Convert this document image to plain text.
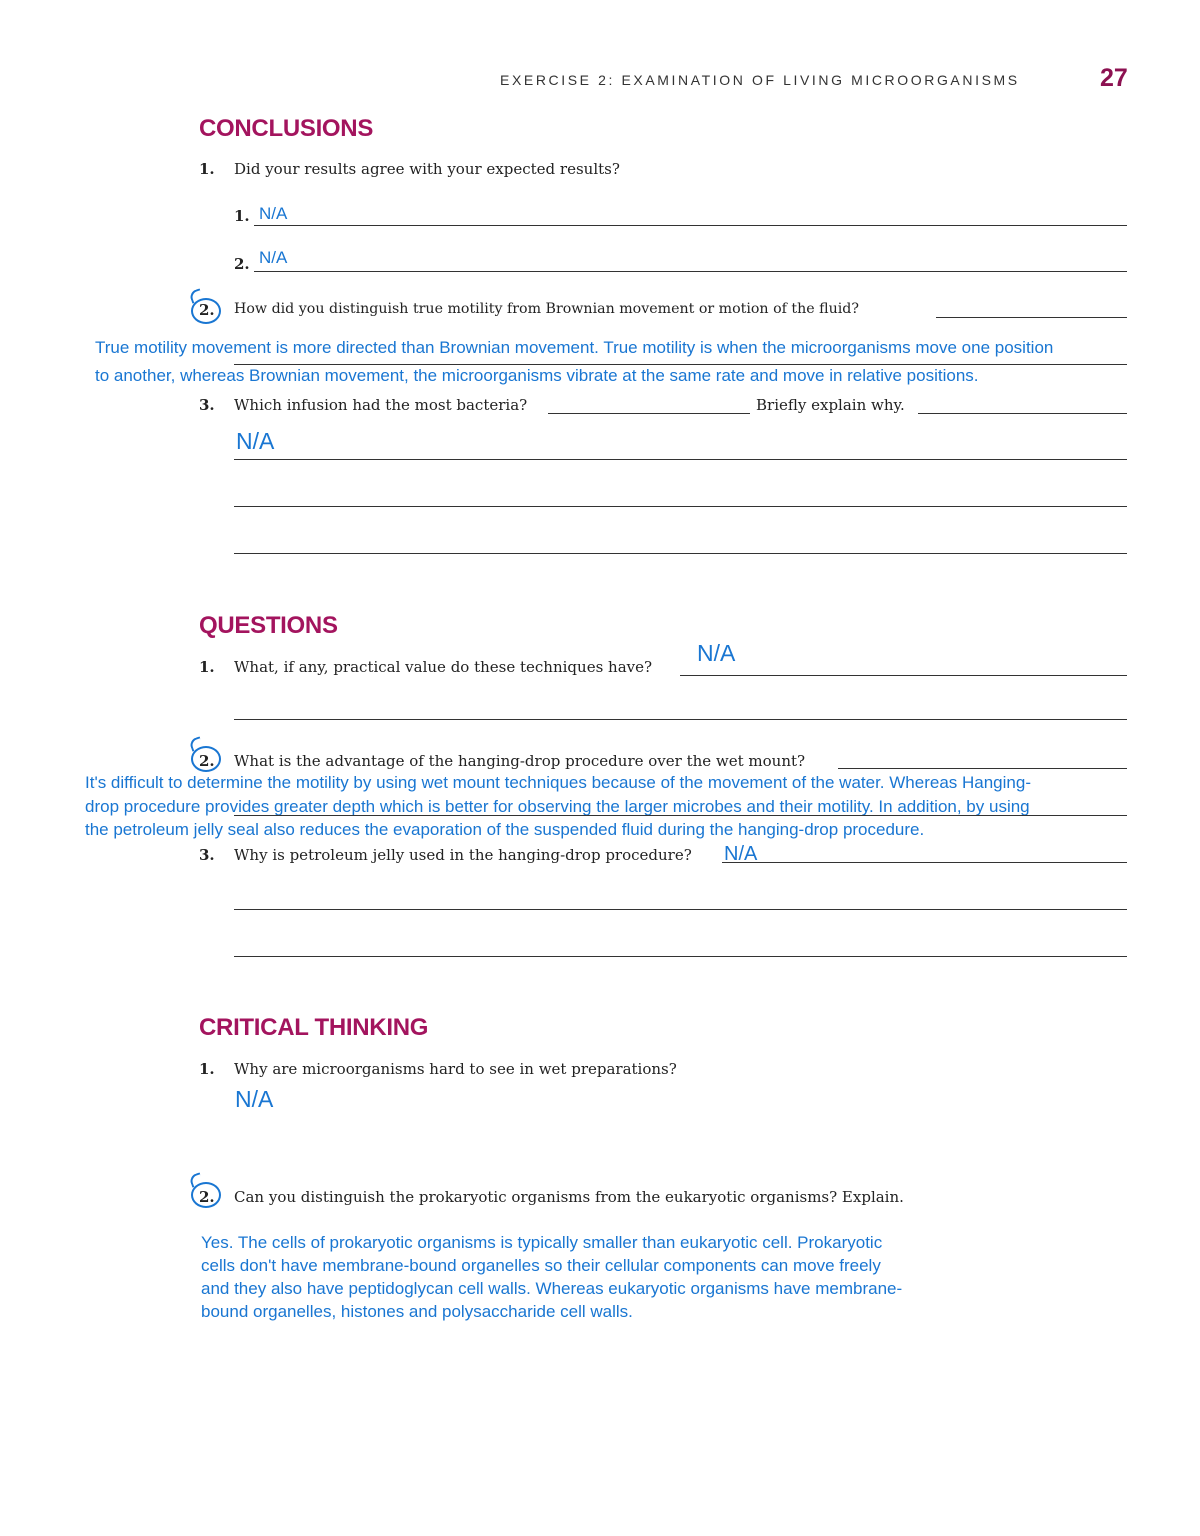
EXERCISE 2: EXAMINATION OF LIVING MICROORGANISMS	27
CONCLUSIONS
1. Did your results agree with your expected results?
1. N/A
2. N/A
2. How did you distinguish true motility from Brownian movement or motion of the fluid?
True motility movement is more directed than Brownian movement. True motility is when the microorganisms move one position
to another, whereas Brownian movement, the microorganisms vibrate at the same rate and move in relative positions.
3. Which infusion had the most bacteria?	Briefly explain why.
N/A
QUESTIONS
1. What, if any, practical value do these techniques have?
N/A
2. What is the advantage of the hanging-drop procedure over the wet mount?
It's difficult to determine the motility by using wet mount techniques because of the movement of the water. Whereas Hanging-
drop procedure provides greater depth which is better for observing the larger microbes and their motility. In addition, by using
the petroleum jelly seal also reduces the evaporation of the suspended fluid during the hanging-drop procedure.
3. Why is petroleum jelly used in the hanging-drop procedure? N/A
CRITICAL THINKING
1. Why are microorganisms hard to see in wet preparations?
N/A
2. Can you distinguish the prokaryotic organisms from the eukaryotic organisms? Explain.
Yes. The cells of prokaryotic organisms is typically smaller than eukaryotic cell. Prokaryotic
cells don't have membrane-bound organelles so their cellular components can move freely
and they also have peptidoglycan cell walls. Whereas eukaryotic organisms have membrane-
bound organelles, histones and polysaccharide cell walls.
